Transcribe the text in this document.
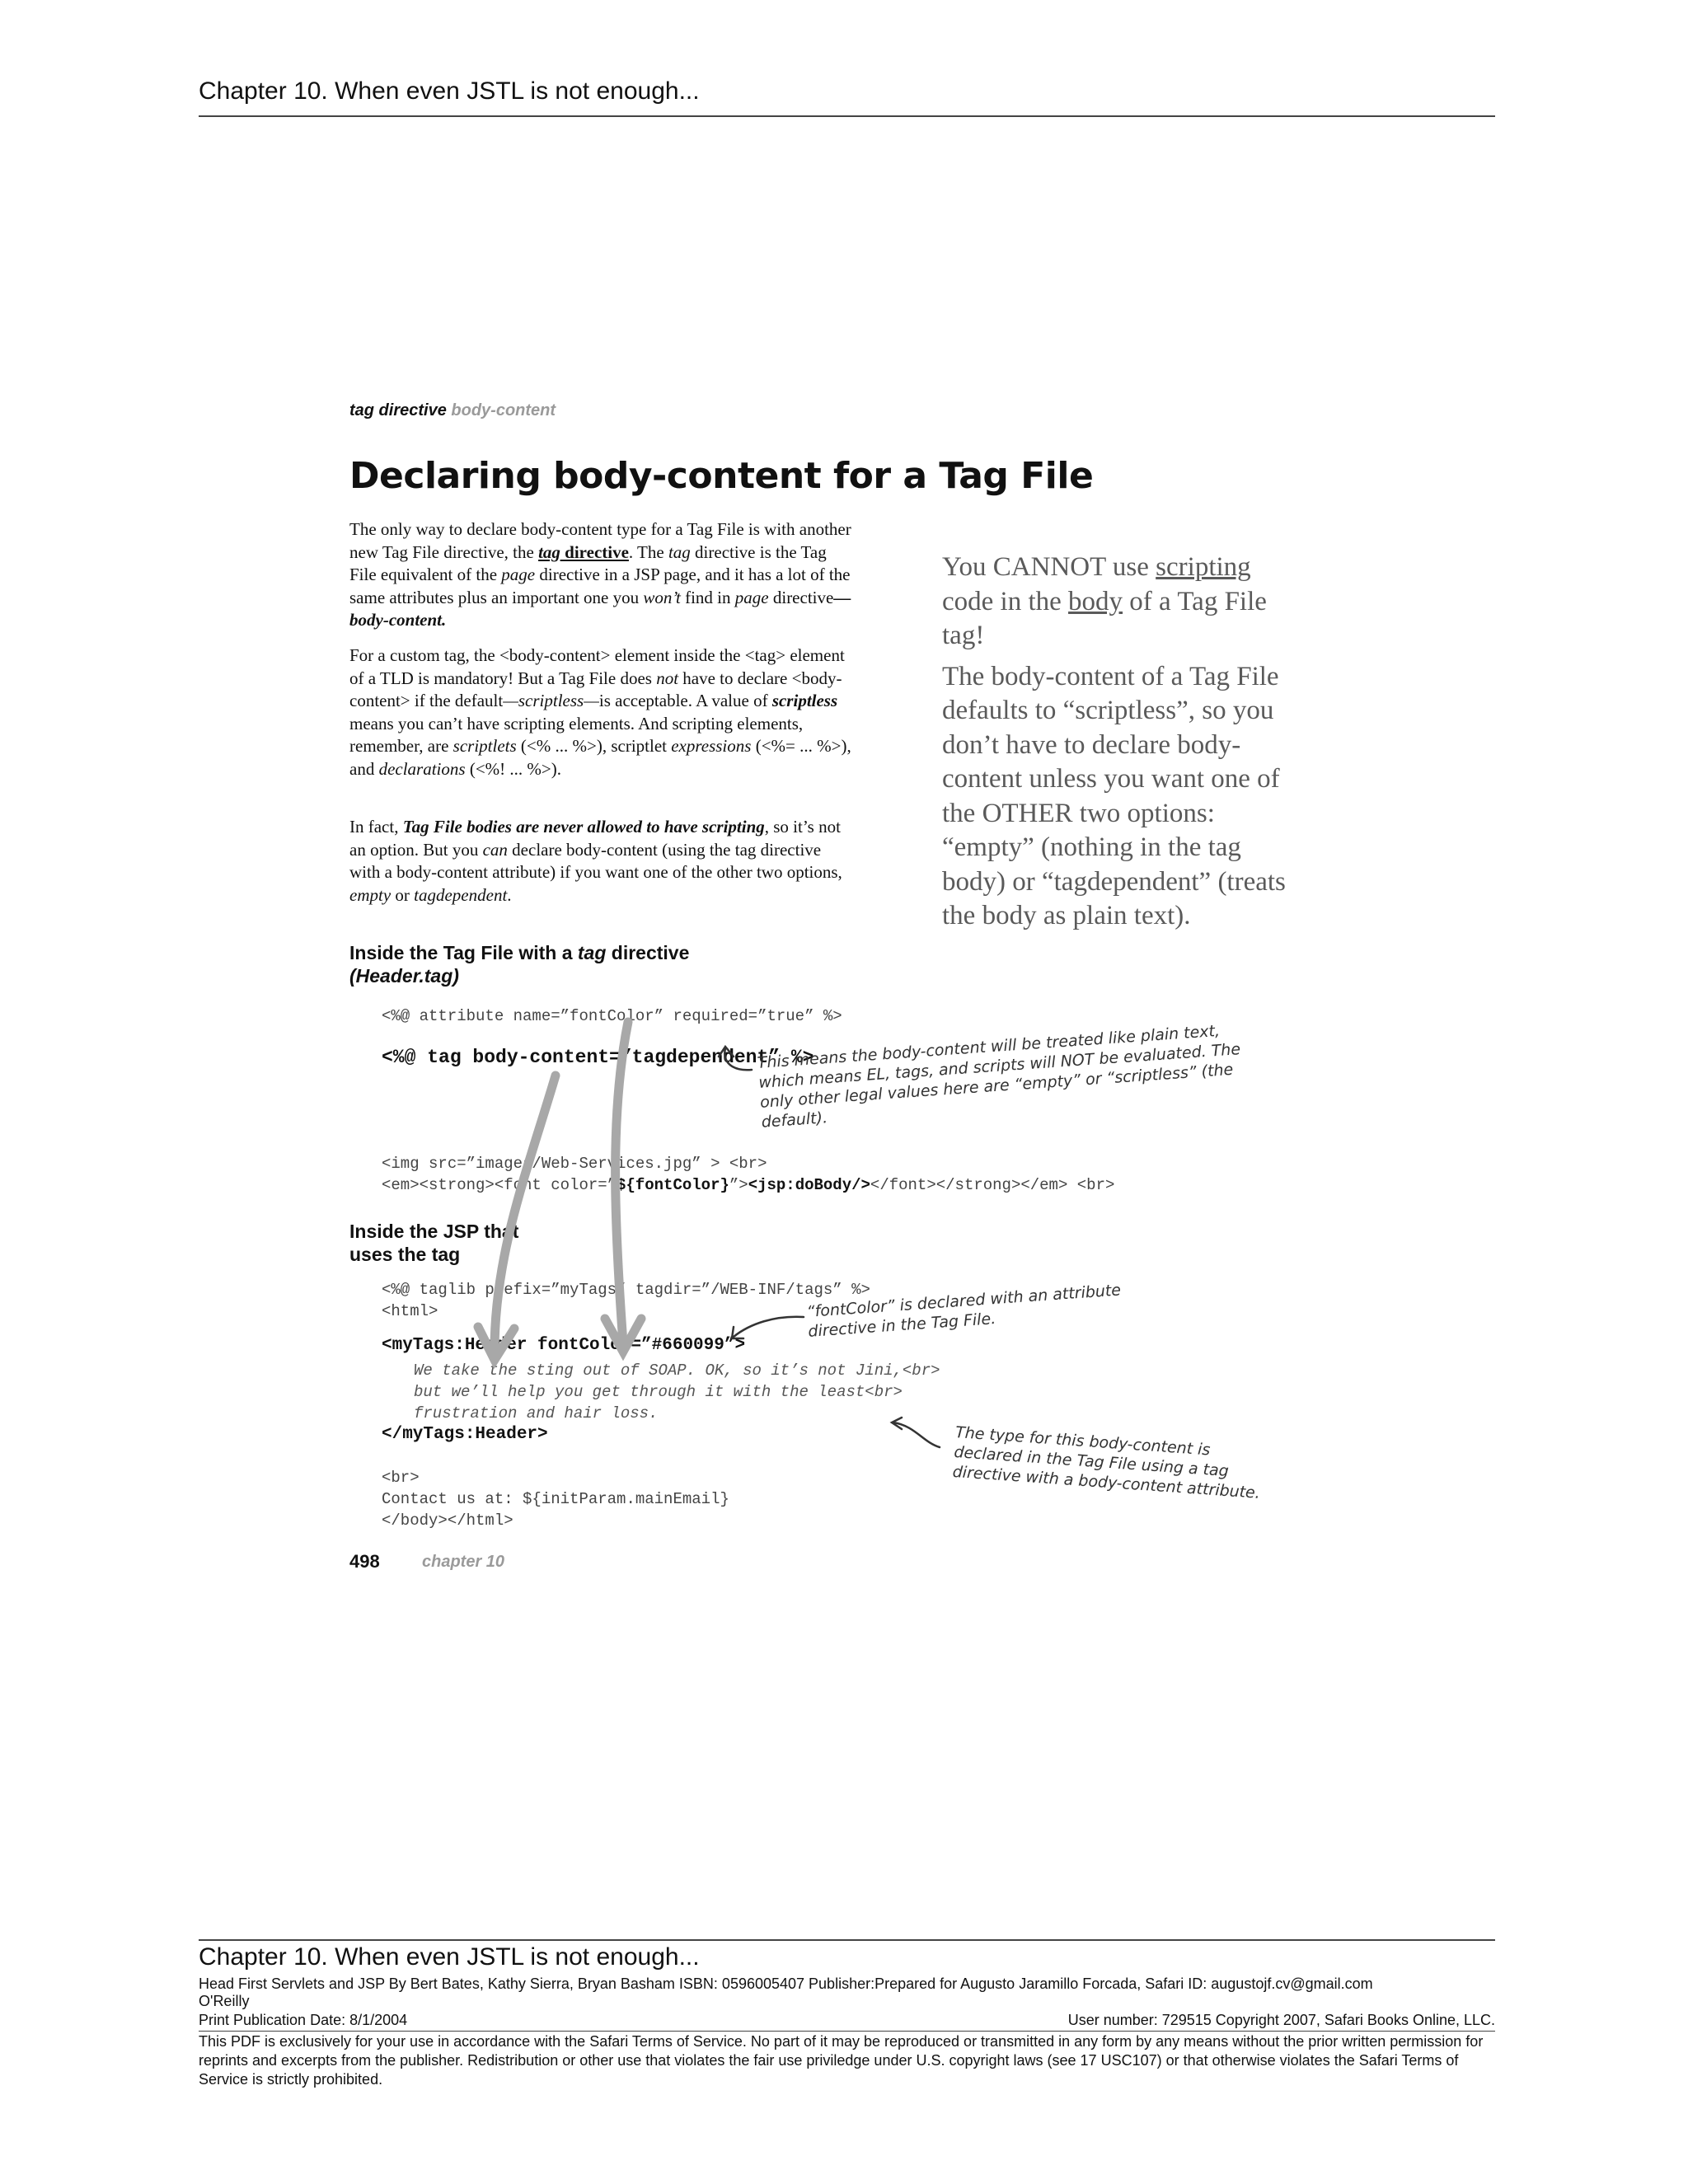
Chapter 10. When even JSTL is not enough...
tag directive body-content
Declaring body-content for a Tag File

The only way to declare body-content type for a Tag File is with another new Tag File directive, the tag directive. The tag directive is the Tag File equivalent of the page directive in a JSP page, and it has a lot of the same attributes plus an important one you won’t find in page directive—body-content.

For a custom tag, the <body-content> element inside the <tag> element of a TLD is mandatory! But a Tag File does not have to declare <body-content> if the default—scriptless—is acceptable. A value of scriptless means you can’t have scripting elements. And scripting elements, remember, are scriptlets (<% ... %>), scriptlet expressions (<%= ... %>), and declarations (<%! ... %>).

In fact, Tag File bodies are never allowed to have scripting, so it’s not an option. But you can declare body-content (using the tag directive with a body-content attribute) if you want one of the other two options, empty or tagdependent.

You CANNOT use scripting code in the body of a Tag File tag!

The body-content of a Tag File defaults to “scriptless”, so you don’t have to declare body-content unless you want one of the OTHER two options: “empty” (nothing in the tag body) or “tagdependent” (treats the body as plain text).

Inside the Tag File with a tag directive
(Header.tag)
<%@ attribute name=”fontColor” required=”true” %>
<%@ tag body-content=”tagdependent” %>
<img src=”images/Web-Services.jpg” > <br>
<em><strong><font color=”${fontColor}”><jsp:doBody/></font></strong></em> <br>
This means the body-content will be treated like plain text, which means EL, tags, and scripts will NOT be evaluated. The only other legal values here are “empty” or “scriptless” (the default).
Inside the JSP that
uses the tag
<%@ taglib prefix=”myTags” tagdir=”/WEB-INF/tags” %>
<html>
<myTags:Header fontColor=”#660099”>
We take the sting out of SOAP. OK, so it’s not Jini,<br>
but we’ll help you get through it with the least<br>
frustration and hair loss.
</myTags:Header>
<br>
Contact us at: ${initParam.mainEmail}
</body></html>
“fontColor” is declared with an attribute directive in the Tag File.
The type for this body-content is declared in the Tag File using a tag directive with a body-content attribute.
498	chapter 10
Chapter 10. When even JSTL is not enough...
Head First Servlets and JSP By Bert Bates, Kathy Sierra, Bryan Basham ISBN: 0596005407 Publisher:Prepared for Augusto Jaramillo Forcada, Safari ID: augustojf.cv@gmail.com
O'Reilly
Print Publication Date: 8/1/2004	User number: 729515 Copyright 2007, Safari Books Online, LLC.
This PDF is exclusively for your use in accordance with the Safari Terms of Service. No part of it may be reproduced or transmitted in any form by any means without the prior written permission for reprints and excerpts from the publisher. Redistribution or other use that violates the fair use priviledge under U.S. copyright laws (see 17 USC107) or that otherwise violates the Safari Terms of Service is strictly prohibited.
